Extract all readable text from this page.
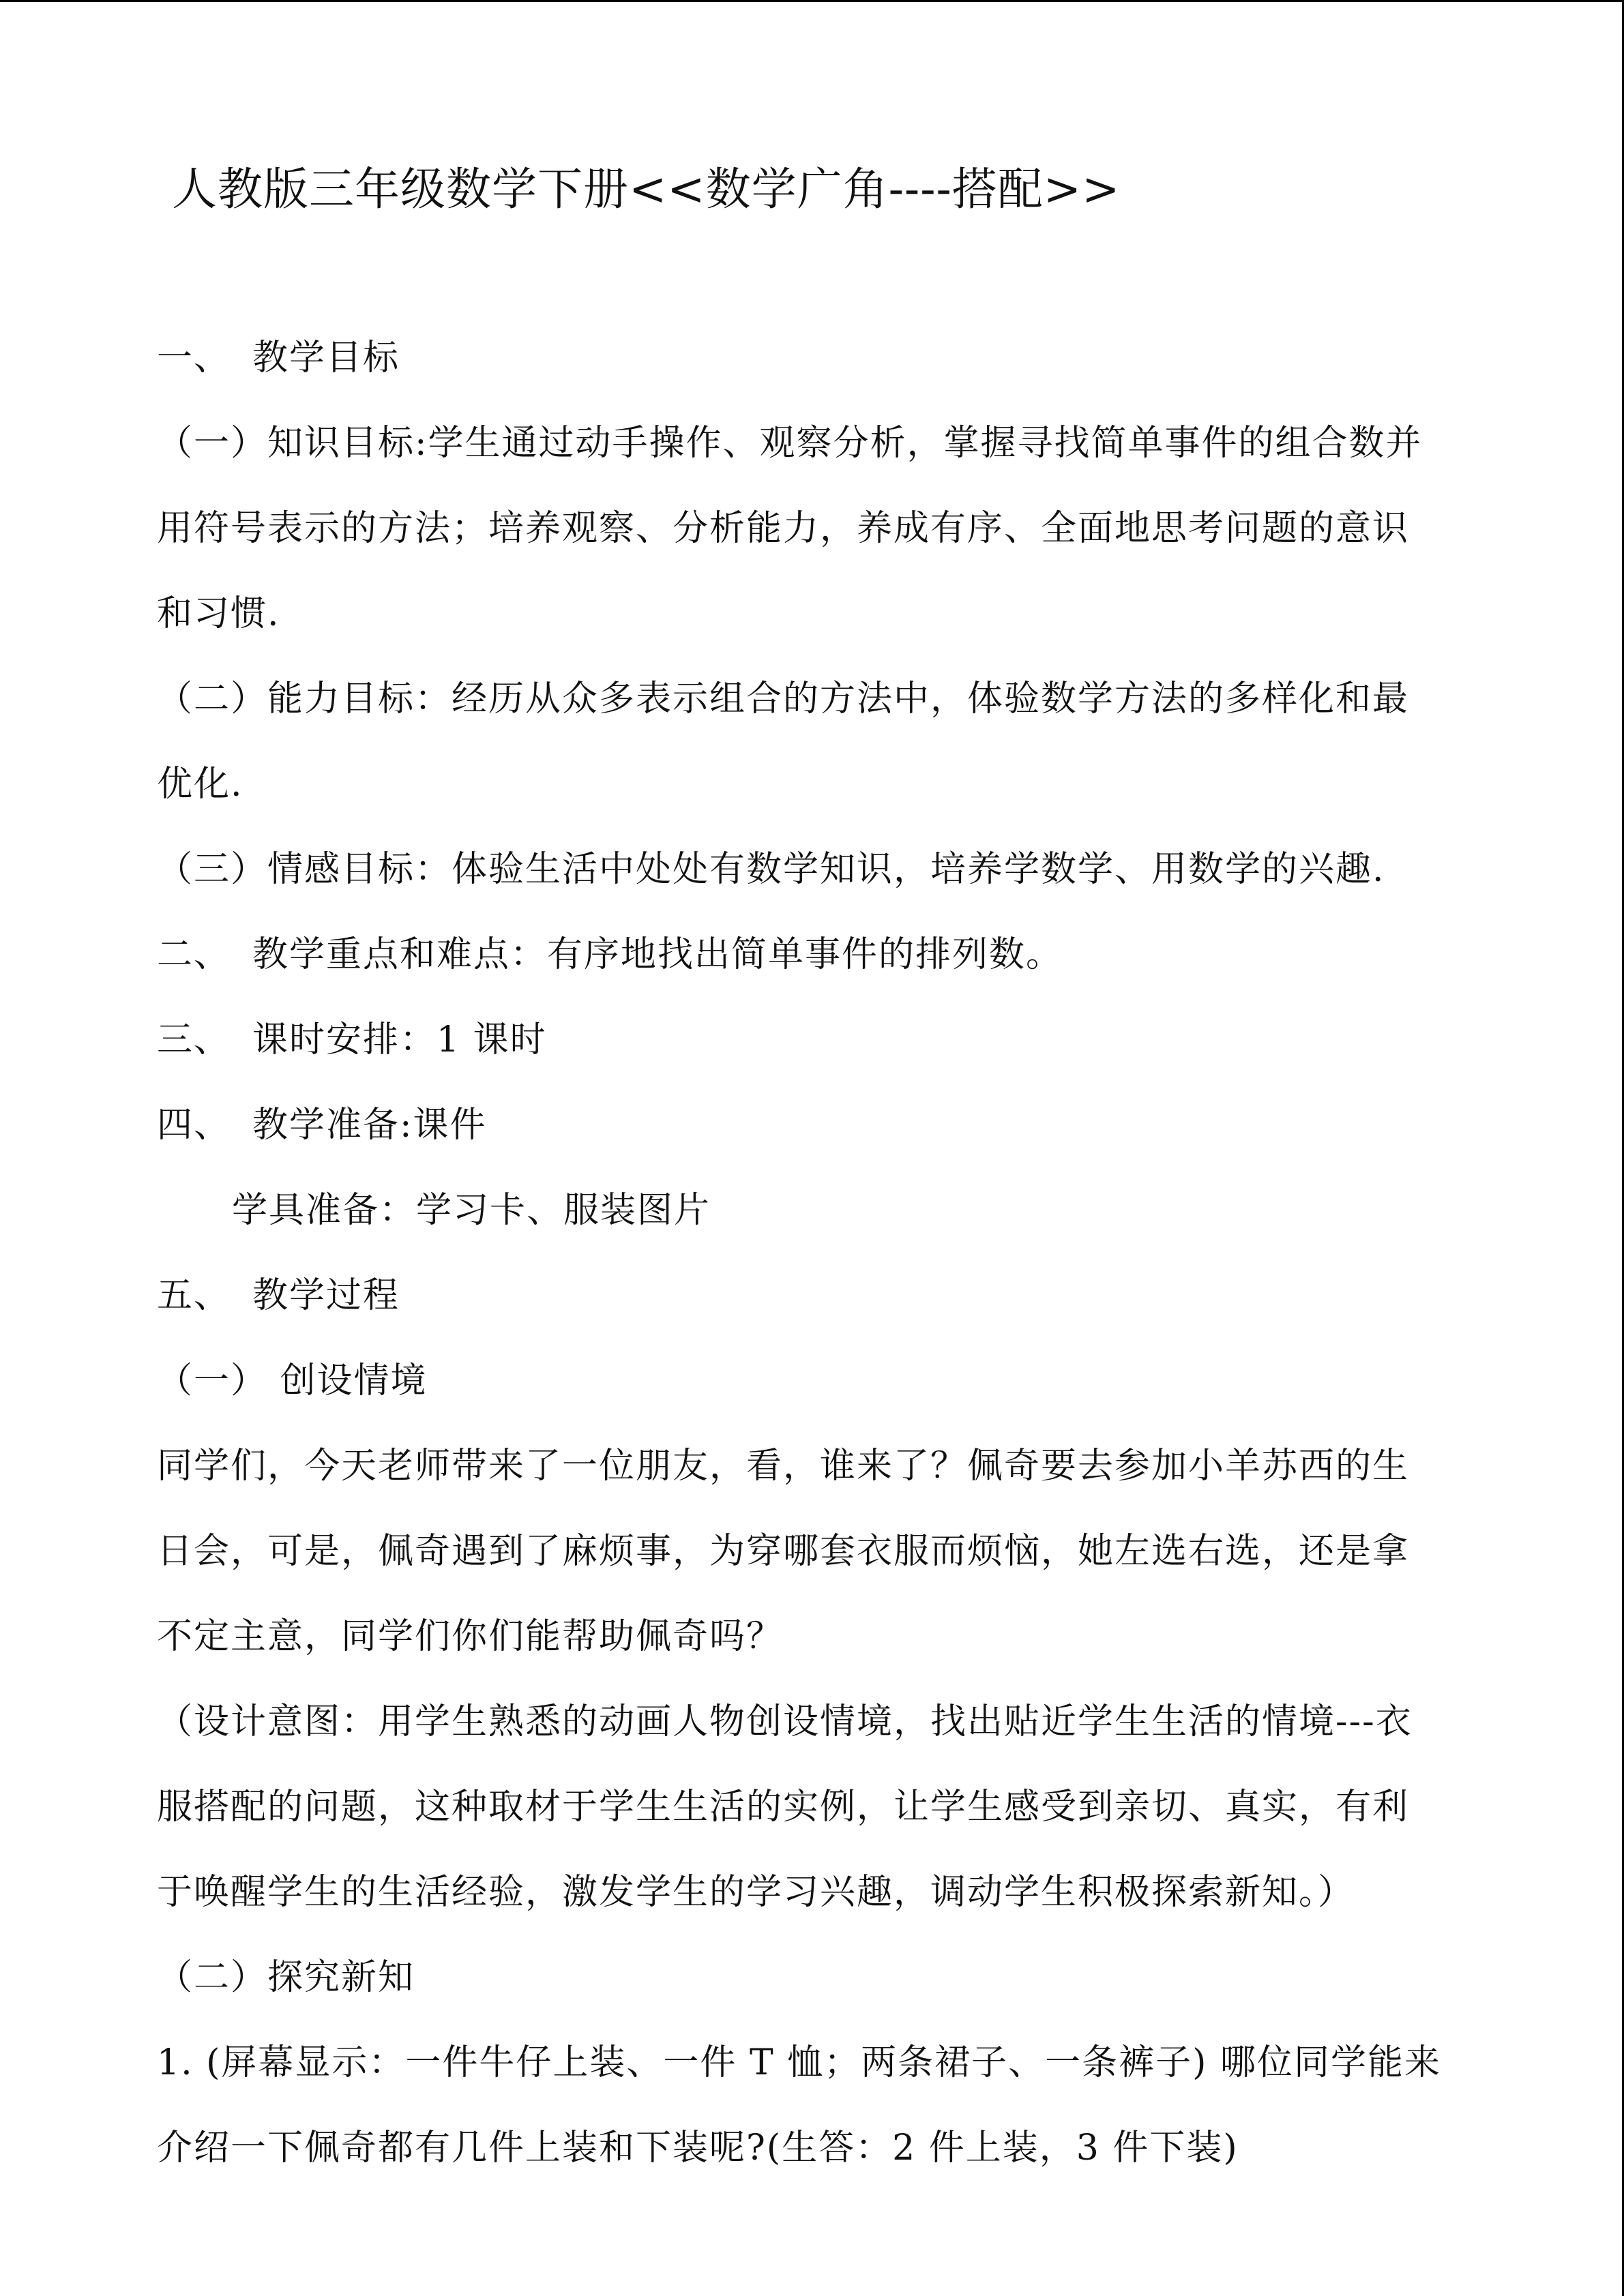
人教版三年级数学下册<<数学广角----搭配>>
一、 教学目标
（一）知识目标:学生通过动手操作、观察分析，掌握寻找简单事件的组合数并
用符号表示的方法；培养观察、分析能力，养成有序、全面地思考问题的意识
和习惯.
（二）能力目标：经历从众多表示组合的方法中，体验数学方法的多样化和最
优化.
（三）情感目标：体验生活中处处有数学知识，培养学数学、用数学的兴趣.
二、 教学重点和难点：有序地找出简单事件的排列数。
三、 课时安排：1 课时
四、 教学准备:课件
学具准备：学习卡、服装图片
五、 教学过程
（一） 创设情境
同学们，今天老师带来了一位朋友，看，谁来了？佩奇要去参加小羊苏西的生
日会，可是，佩奇遇到了麻烦事，为穿哪套衣服而烦恼，她左选右选，还是拿
不定主意，同学们你们能帮助佩奇吗？
（设计意图：用学生熟悉的动画人物创设情境，找出贴近学生生活的情境---衣
服搭配的问题，这种取材于学生生活的实例，让学生感受到亲切、真实，有利
于唤醒学生的生活经验，激发学生的学习兴趣，调动学生积极探索新知。）
（二）探究新知
1. (屏幕显示：一件牛仔上装、一件 T 恤；两条裙子、一条裤子) 哪位同学能来
介绍一下佩奇都有几件上装和下装呢?(生答：2 件上装，3 件下装)
